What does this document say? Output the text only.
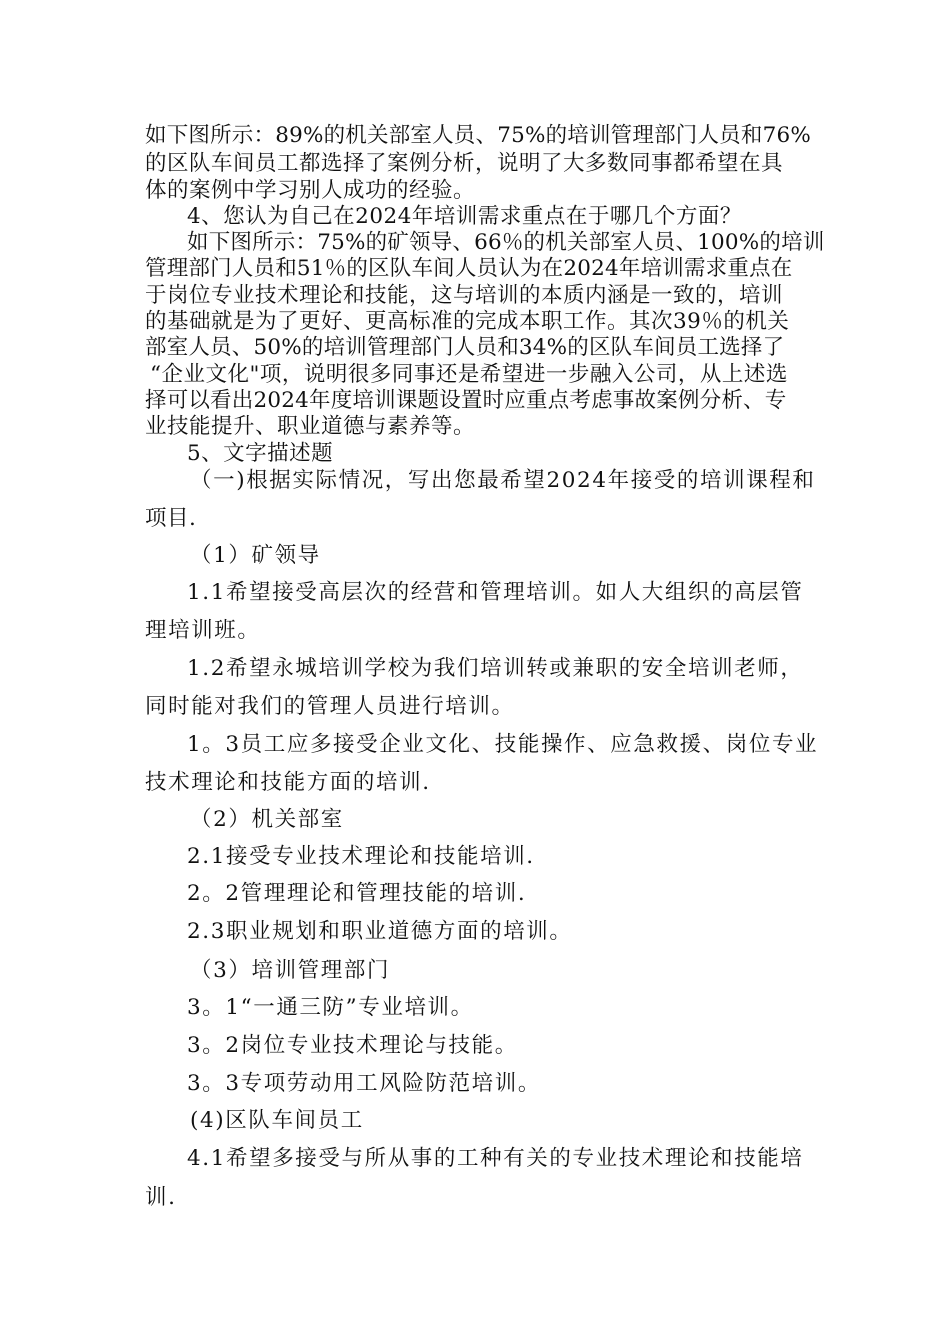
如下图所示：89%的机关部室人员、75%的培训管理部门人员和76%
的区队车间员工都选择了案例分析，说明了大多数同事都希望在具
体的案例中学习别人成功的经验。
4、您认为自己在2024年培训需求重点在于哪几个方面？
如下图所示：75%的矿领导、66％的机关部室人员、100%的培训
管理部门人员和51％的区队车间人员认为在2024年培训需求重点在
于岗位专业技术理论和技能，这与培训的本质内涵是一致的，培训
的基础就是为了更好、更高标准的完成本职工作。其次39％的机关
部室人员、50%的培训管理部门人员和34%的区队车间员工选择了
“企业文化"项，说明很多同事还是希望进一步融入公司，从上述选
择可以看出2024年度培训课题设置时应重点考虑事故案例分析、专
业技能提升、职业道德与素养等。
5、文字描述题
（一)根据实际情况，写出您最希望2024年接受的培训课程和
项目.
（1）矿领导
1.1希望接受高层次的经营和管理培训。如人大组织的高层管
理培训班。
1.2希望永城培训学校为我们培训转或兼职的安全培训老师，
同时能对我们的管理人员进行培训。
1。3员工应多接受企业文化、技能操作、应急救援、岗位专业
技术理论和技能方面的培训.
（2）机关部室
2.1接受专业技术理论和技能培训.
2。2管理理论和管理技能的培训.
2.3职业规划和职业道德方面的培训。
（3）培训管理部门
3。1“一通三防”专业培训。
3。2岗位专业技术理论与技能。
3。3专项劳动用工风险防范培训。
(4)区队车间员工
4.1希望多接受与所从事的工种有关的专业技术理论和技能培
训.
